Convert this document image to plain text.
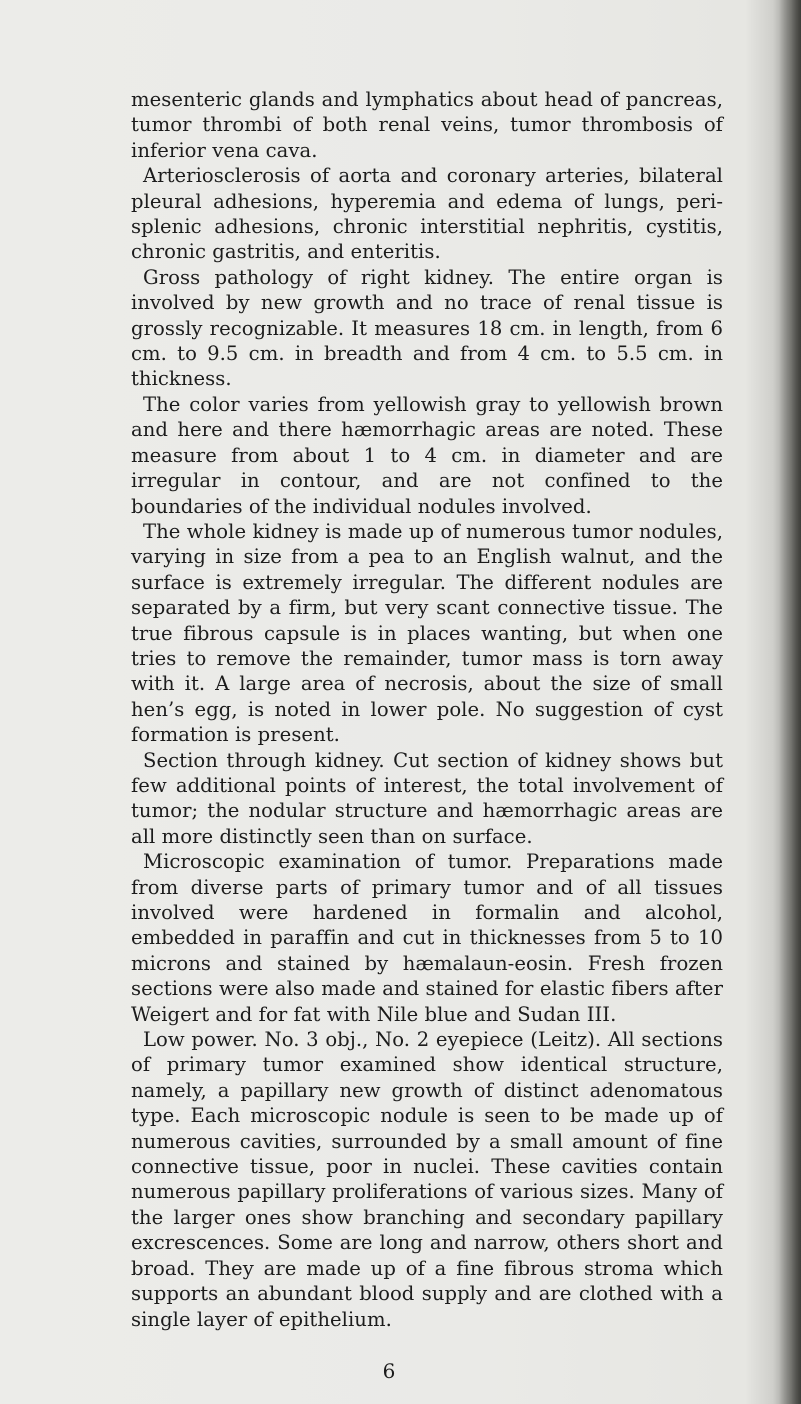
mesenteric glands and lymphatics about head of pancreas, tumor thrombi of both renal veins, tumor thrombosis of inferior vena cava.

Arteriosclerosis of aorta and coronary arteries, bilateral pleural adhesions, hyperemia and edema of lungs, peri-splenic adhesions, chronic interstitial nephritis, cystitis, chronic gastritis, and enteritis.

Gross pathology of right kidney. The entire organ is involved by new growth and no trace of renal tissue is grossly recognizable. It measures 18 cm. in length, from 6 cm. to 9.5 cm. in breadth and from 4 cm. to 5.5 cm. in thickness.

The color varies from yellowish gray to yellowish brown and here and there hæmorrhagic areas are noted. These measure from about 1 to 4 cm. in diameter and are irregular in contour, and are not confined to the boundaries of the individual nodules involved.

The whole kidney is made up of numerous tumor nodules, varying in size from a pea to an English walnut, and the surface is extremely irregular. The different nodules are separated by a firm, but very scant connective tissue. The true fibrous capsule is in places wanting, but when one tries to remove the remainder, tumor mass is torn away with it. A large area of necrosis, about the size of small hen’s egg, is noted in lower pole. No suggestion of cyst formation is present.

Section through kidney. Cut section of kidney shows but few additional points of interest, the total involvement of tumor; the nodular structure and hæmorrhagic areas are all more distinctly seen than on surface.

Microscopic examination of tumor. Preparations made from diverse parts of primary tumor and of all tissues involved were hardened in formalin and alcohol, embedded in paraffin and cut in thicknesses from 5 to 10 microns and stained by hæmalaun-eosin. Fresh frozen sections were also made and stained for elastic fibers after Weigert and for fat with Nile blue and Sudan III.

Low power. No. 3 obj., No. 2 eyepiece (Leitz). All sections of primary tumor examined show identical structure, namely, a papillary new growth of distinct adenomatous type. Each microscopic nodule is seen to be made up of numerous cavities, surrounded by a small amount of fine connective tissue, poor in nuclei. These cavities contain numerous papillary proliferations of various sizes. Many of the larger ones show branching and secondary papillary excrescences. Some are long and narrow, others short and broad. They are made up of a fine fibrous stroma which supports an abundant blood supply and are clothed with a single layer of epithelium.

6
